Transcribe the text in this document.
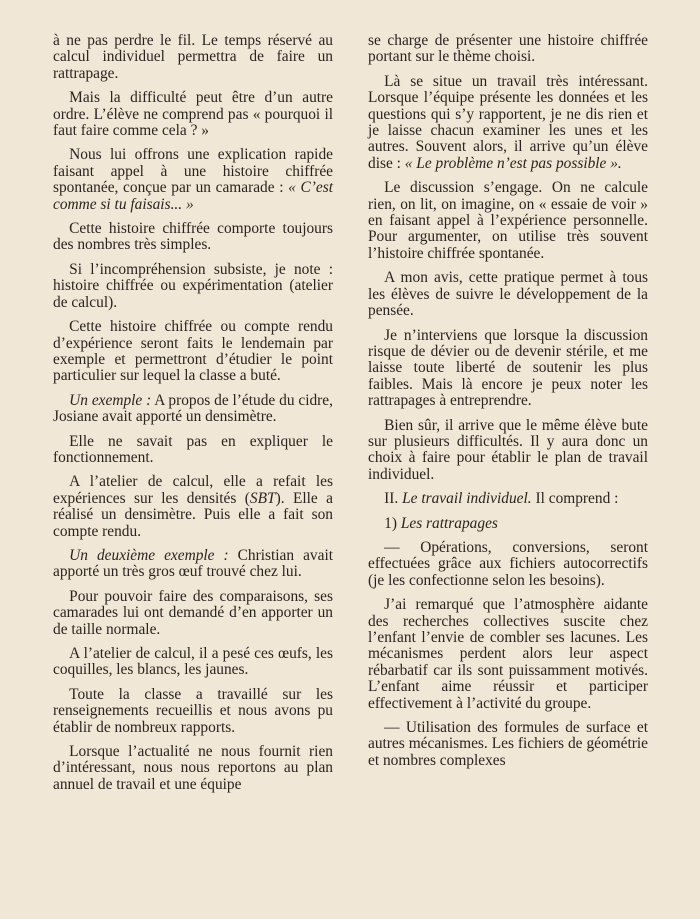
à ne pas perdre le fil. Le temps réservé au calcul individuel permettra de faire un rattrapage.

Mais la difficulté peut être d’un autre ordre. L’élève ne comprend pas « pourquoi il faut faire comme cela ? »

Nous lui offrons une explication rapide faisant appel à une histoire chiffrée spontanée, conçue par un camarade : « C’est comme si tu faisais... »

Cette histoire chiffrée comporte toujours des nombres très simples.

Si l’incompréhension subsiste, je note : histoire chiffrée ou expérimentation (atelier de calcul).

Cette histoire chiffrée ou compte rendu d’expérience seront faits le lendemain par exemple et permettront d’étudier le point particulier sur lequel la classe a buté.

Un exemple : A propos de l’étude du cidre, Josiane avait apporté un densimètre.

Elle ne savait pas en expliquer le fonctionnement.

A l’atelier de calcul, elle a refait les expériences sur les densités (SBT). Elle a réalisé un densimètre. Puis elle a fait son compte rendu.

Un deuxième exemple : Christian avait apporté un très gros œuf trouvé chez lui.

Pour pouvoir faire des comparaisons, ses camarades lui ont demandé d’en apporter un de taille normale.

A l’atelier de calcul, il a pesé ces œufs, les coquilles, les blancs, les jaunes.

Toute la classe a travaillé sur les renseignements recueillis et nous avons pu établir de nombreux rapports.

Lorsque l’actualité ne nous fournit rien d’intéressant, nous nous reportons au plan annuel de travail et une équipe

se charge de présenter une histoire chiffrée portant sur le thème choisi.

Là se situe un travail très intéressant. Lorsque l’équipe présente les données et les questions qui s’y rapportent, je ne dis rien et je laisse chacun examiner les unes et les autres. Souvent alors, il arrive qu’un élève dise : « Le problème n’est pas possible ».

Le discussion s’engage. On ne calcule rien, on lit, on imagine, on « essaie de voir » en faisant appel à l’expérience personnelle. Pour argumenter, on utilise très souvent l’histoire chiffrée spontanée.

A mon avis, cette pratique permet à tous les élèves de suivre le développement de la pensée.

Je n’interviens que lorsque la discussion risque de dévier ou de devenir stérile, et me laisse toute liberté de soutenir les plus faibles. Mais là encore je peux noter les rattrapages à entreprendre.

Bien sûr, il arrive que le même élève bute sur plusieurs difficultés. Il y aura donc un choix à faire pour établir le plan de travail individuel.

II. Le travail individuel. Il comprend :

1) Les rattrapages

— Opérations, conversions, seront effectuées grâce aux fichiers autocorrectifs (je les confectionne selon les besoins).

J’ai remarqué que l’atmosphère aidante des recherches collectives suscite chez l’enfant l’envie de combler ses lacunes. Les mécanismes perdent alors leur aspect rébarbatif car ils sont puissamment motivés. L’enfant aime réussir et participer effectivement à l’activité du groupe.

— Utilisation des formules de surface et autres mécanismes. Les fichiers de géométrie et nombres complexes
